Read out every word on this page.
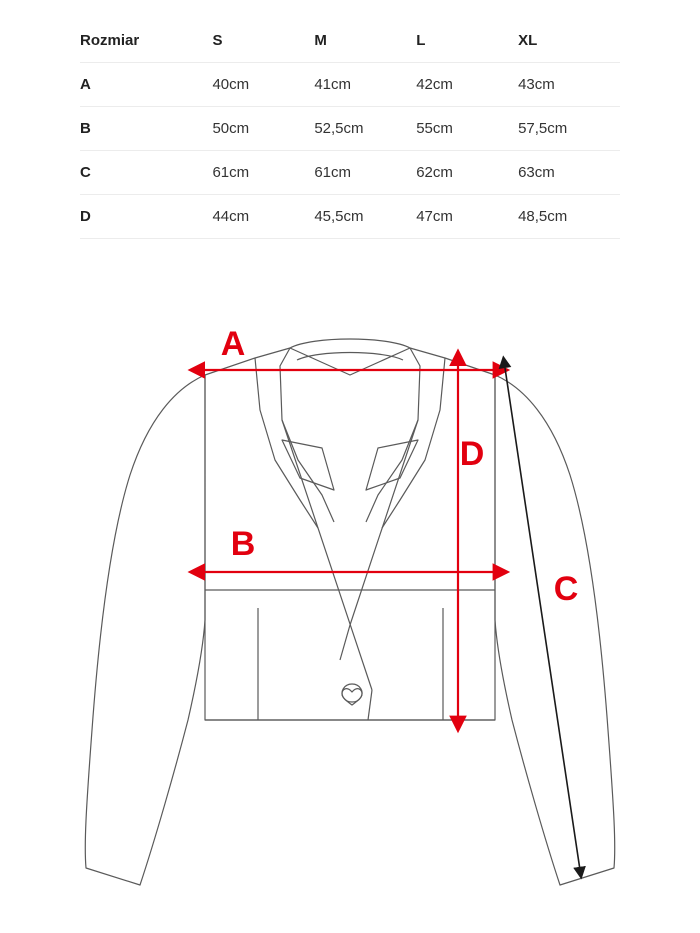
Rozmiar	S	M	L	XL
A	40cm	41cm	42cm	43cm
B	50cm	52,5cm	55cm	57,5cm
C	61cm	61cm	62cm	63cm
D	44cm	45,5cm	47cm	48,5cm
A
B
D
C
